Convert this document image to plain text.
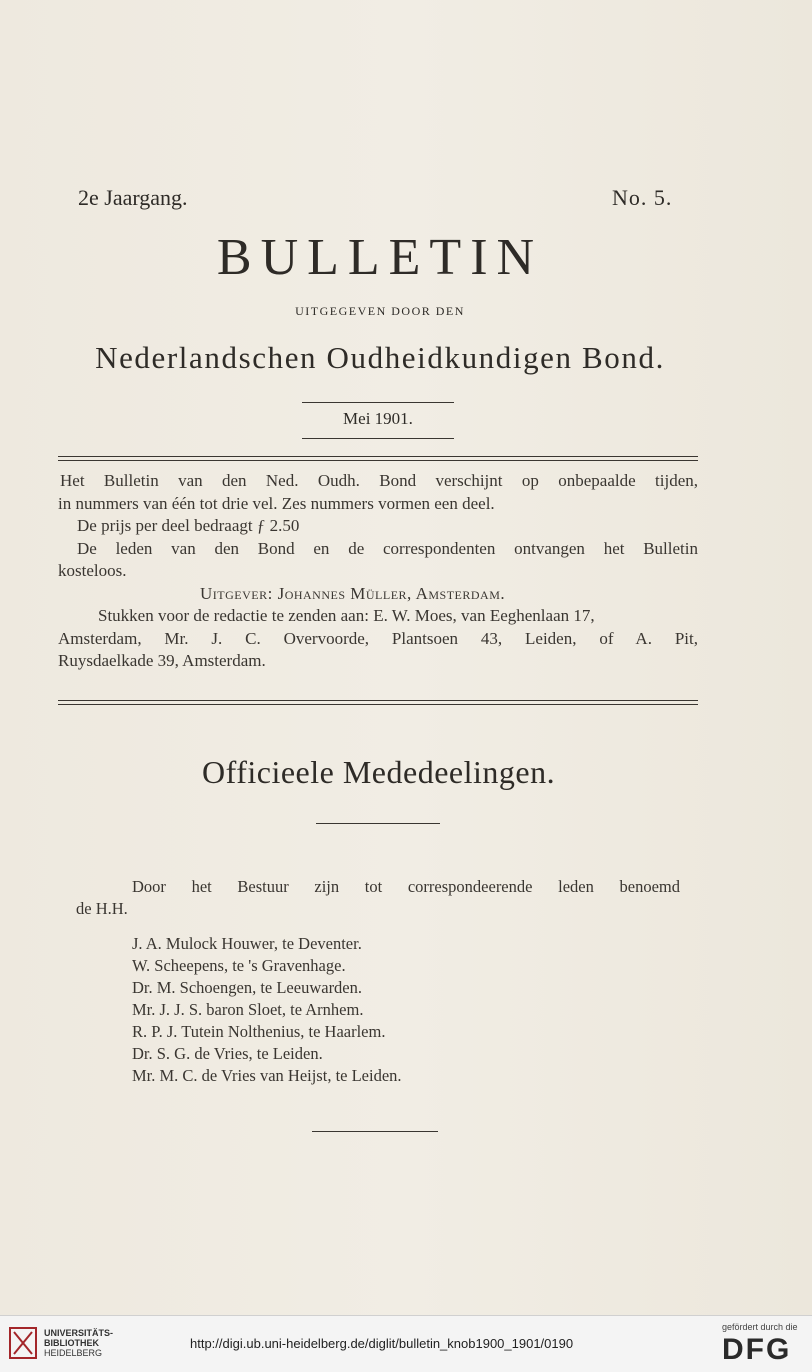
2e Jaargang.	No. 5.
BULLETIN
UITGEGEVEN DOOR DEN
Nederlandschen Oudheidkundigen Bond.
Mei 1901.
Het Bulletin van den Ned. Oudh. Bond verschijnt op onbepaalde tijden,
in nummers van één tot drie vel. Zes nummers vormen een deel.
De prijs per deel bedraagt ƒ 2.50
De leden van den Bond en de correspondenten ontvangen het Bulletin
kosteloos.
Uitgever: Johannes Müller, Amsterdam.
Stukken voor de redactie te zenden aan: E. W. Moes, van Eeghenlaan 17,
Amsterdam, Mr. J. C. Overvoorde, Plantsoen 43, Leiden, of A. Pit,
Ruysdaelkade 39, Amsterdam.
Officieele Mededeelingen.
Door het Bestuur zijn tot correspondeerende leden benoemd
de H.H.
J. A. Mulock Houwer, te Deventer.
W. Scheepens, te 's Gravenhage.
Dr. M. Schoengen, te Leeuwarden.
Mr. J. J. S. baron Sloet, te Arnhem.
R. P. J. Tutein Nolthenius, te Haarlem.
Dr. S. G. de Vries, te Leiden.
Mr. M. C. de Vries van Heijst, te Leiden.
UNIVERSITÄTS-
BIBLIOTHEK
HEIDELBERG
http://digi.ub.uni-heidelberg.de/diglit/bulletin_knob1900_1901/0190
gefördert durch die
DFG
